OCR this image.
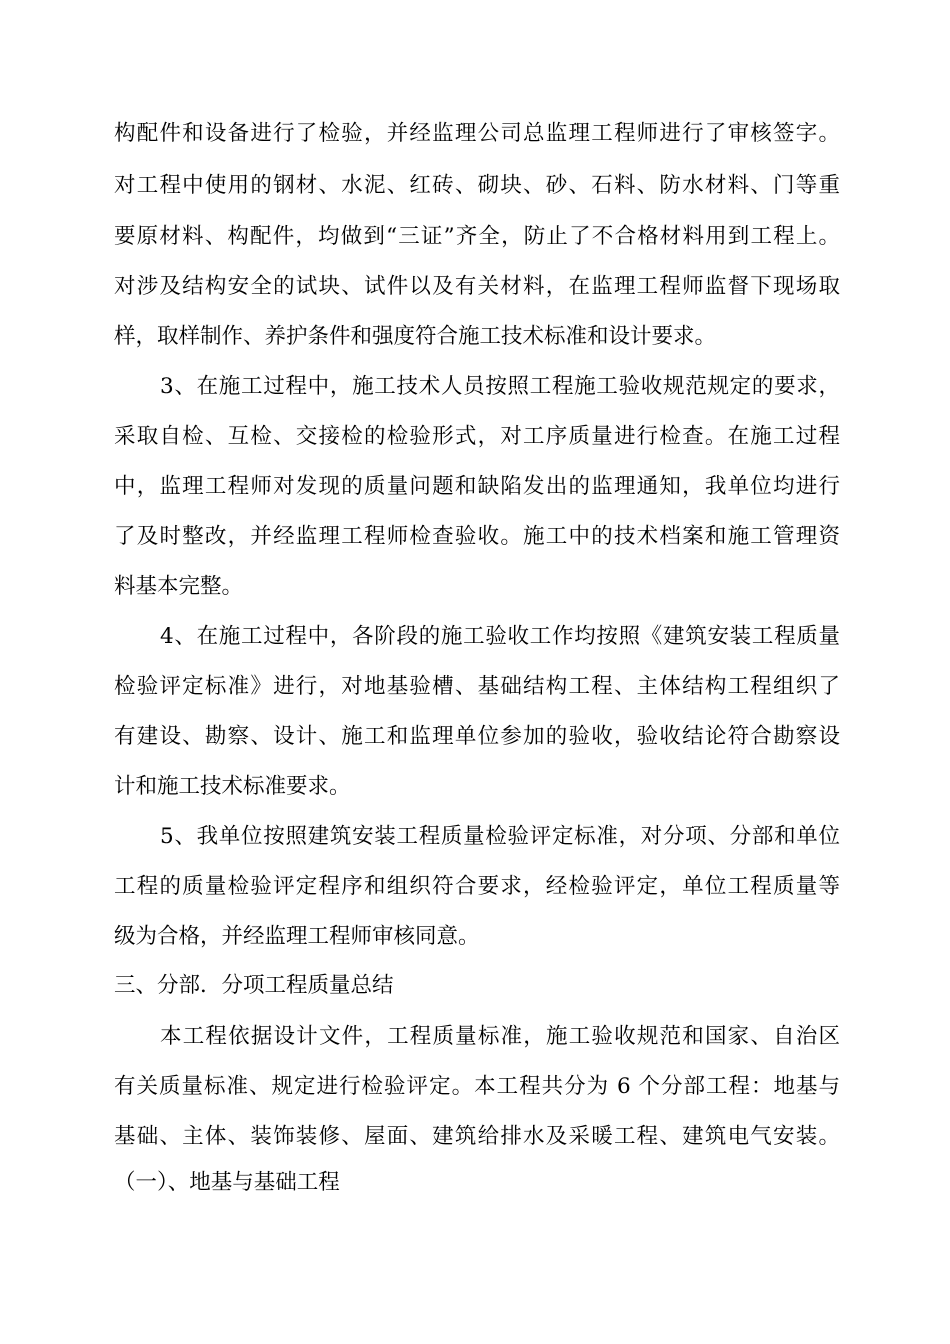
构配件和设备进行了检验，并经监理公司总监理工程师进行了审核签字。
对工程中使用的钢材、水泥、红砖、砌块、砂、石料、防水材料、门等重
要原材料、构配件，均做到“三证”齐全，防止了不合格材料用到工程上。
对涉及结构安全的试块、试件以及有关材料，在监理工程师监督下现场取
样，取样制作、养护条件和强度符合施工技术标准和设计要求。
3、在施工过程中，施工技术人员按照工程施工验收规范规定的要求，
采取自检、互检、交接检的检验形式，对工序质量进行检查。在施工过程
中，监理工程师对发现的质量问题和缺陷发出的监理通知，我单位均进行
了及时整改，并经监理工程师检查验收。施工中的技术档案和施工管理资
料基本完整。
4、在施工过程中，各阶段的施工验收工作均按照《建筑安装工程质量
检验评定标准》进行，对地基验槽、基础结构工程、主体结构工程组织了
有建设、勘察、设计、施工和监理单位参加的验收，验收结论符合勘察设
计和施工技术标准要求。
5、我单位按照建筑安装工程质量检验评定标准，对分项、分部和单位
工程的质量检验评定程序和组织符合要求，经检验评定，单位工程质量等
级为合格，并经监理工程师审核同意。
三、分部．分项工程质量总结
本工程依据设计文件，工程质量标准，施工验收规范和国家、自治区
有关质量标准、规定进行检验评定。本工程共分为 6 个分部工程：地基与
基础、主体、装饰装修、屋面、建筑给排水及采暖工程、建筑电气安装。
（一）、地基与基础工程
